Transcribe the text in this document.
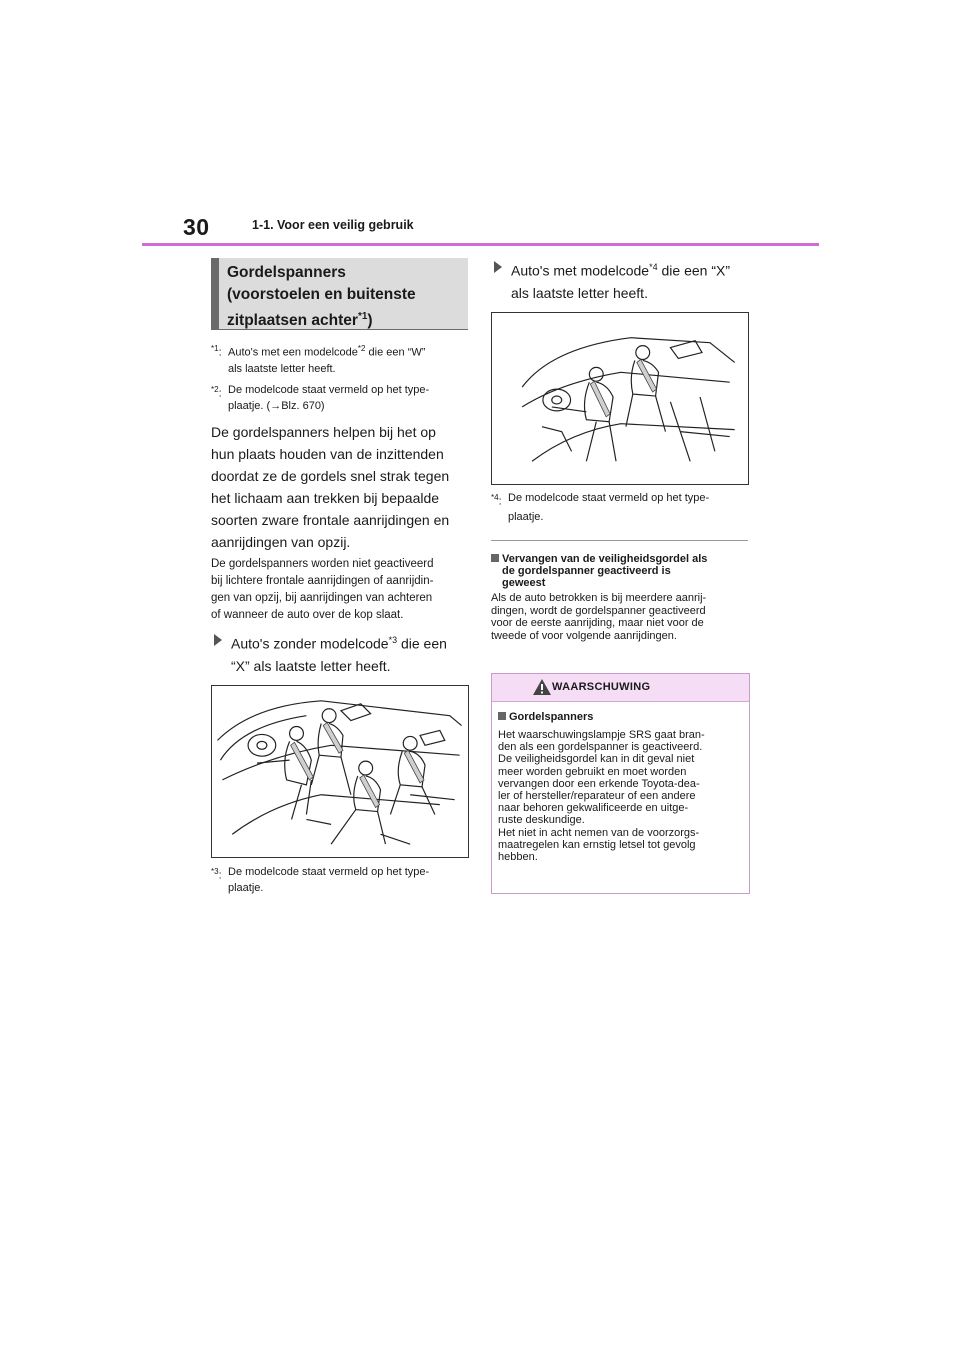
30	1-1. Voor een veilig gebruik
Gordelspanners
(voorstoelen en buitenste
zitplaatsen achter$^{*1}$)
$^{*1}$: Auto's met een modelcode$^{*2}$ die een “W”
als laatste letter heeft.
$^{*2}$: De modelcode staat vermeld op het type-
plaatje. (→Blz. 670)
De gordelspanners helpen bij het op
hun plaats houden van de inzittenden
doordat ze de gordels snel strak tegen
het lichaam aan trekken bij bepaalde
soorten zware frontale aanrijdingen en
aanrijdingen van opzij.
De gordelspanners worden niet geactiveerd
bij lichtere frontale aanrijdingen of aanrijdin-
gen van opzij, bij aanrijdingen van achteren
of wanneer de auto over de kop slaat.
Auto's zonder modelcode$^{*3}$ die een
“X” als laatste letter heeft.
$^{*3}$: De modelcode staat vermeld op het type-
plaatje.
Auto's met modelcode$^{*4}$ die een “X”
als laatste letter heeft.
$^{*4}$: De modelcode staat vermeld op het type-
plaatje.
Vervangen van de veiligheidsgordel als
de gordelspanner geactiveerd is
geweest
Als de auto betrokken is bij meerdere aanrij-
dingen, wordt de gordelspanner geactiveerd
voor de eerste aanrijding, maar niet voor de
tweede of voor volgende aanrijdingen.
WAARSCHUWING
Gordelspanners
Het waarschuwingslampje SRS gaat bran-
den als een gordelspanner is geactiveerd.
De veiligheidsgordel kan in dit geval niet
meer worden gebruikt en moet worden
vervangen door een erkende Toyota-dea-
ler of hersteller/reparateur of een andere
naar behoren gekwalificeerde en uitge-
ruste deskundige.
Het niet in acht nemen van de voorzorgs-
maatregelen kan ernstig letsel tot gevolg
hebben.
